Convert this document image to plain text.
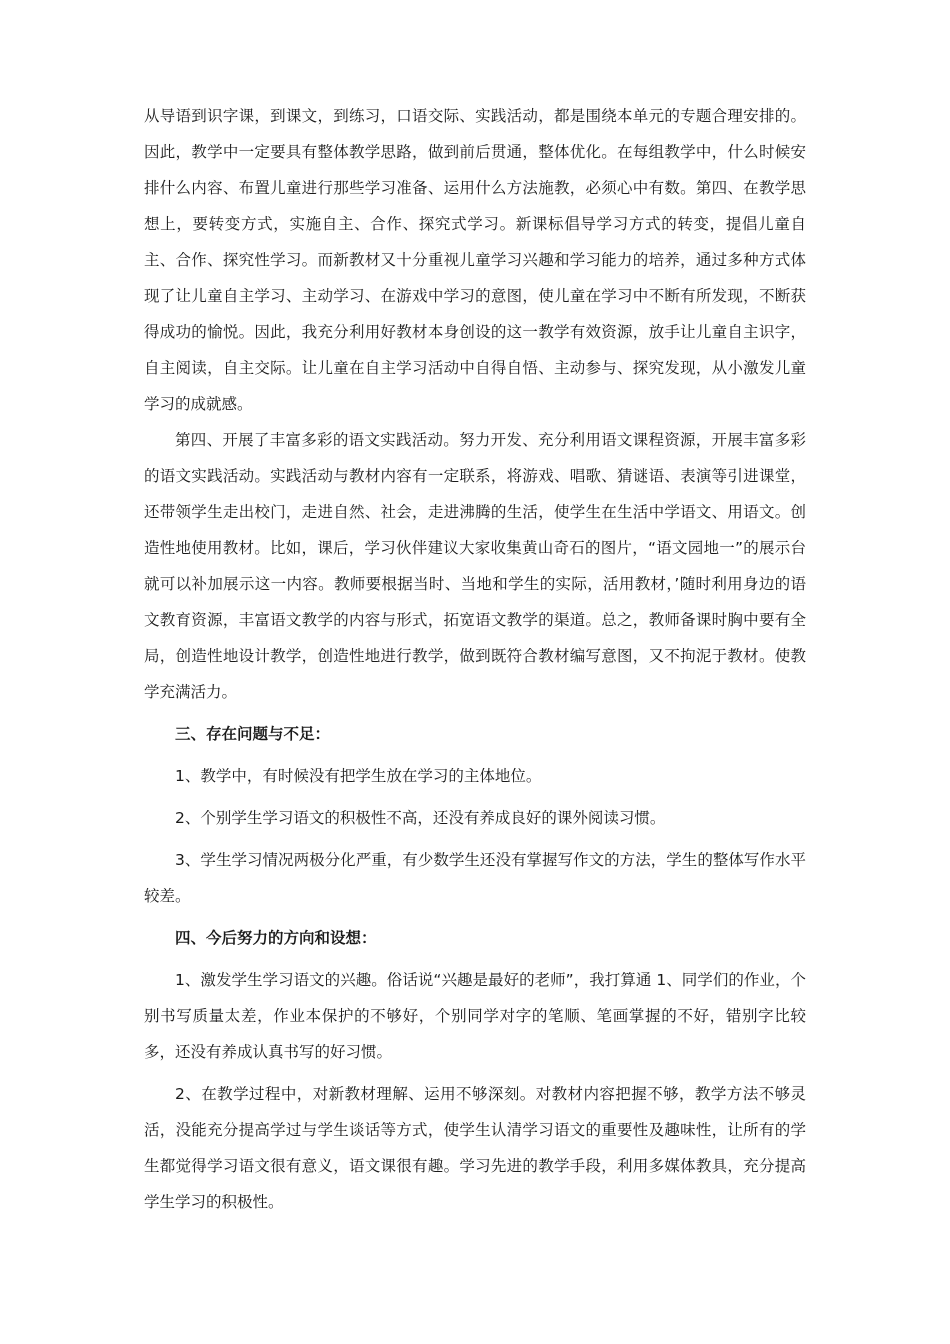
从导语到识字课，到课文，到练习，口语交际、实践活动，都是围绕本单元的专题合理安排的。因此，教学中一定要具有整体教学思路，做到前后贯通，整体优化。在每组教学中，什么时候安排什么内容、布置儿童进行那些学习准备、运用什么方法施教，必须心中有数。第四、在教学思想上，要转变方式，实施自主、合作、探究式学习。新课标倡导学习方式的转变，提倡儿童自主、合作、探究性学习。而新教材又十分重视儿童学习兴趣和学习能力的培养，通过多种方式体现了让儿童自主学习、主动学习、在游戏中学习的意图，使儿童在学习中不断有所发现，不断获得成功的愉悦。因此，我充分利用好教材本身创设的这一教学有效资源，放手让儿童自主识字，自主阅读，自主交际。让儿童在自主学习活动中自得自悟、主动参与、探究发现，从小激发儿童学习的成就感。

第四、开展了丰富多彩的语文实践活动。努力开发、充分利用语文课程资源，开展丰富多彩的语文实践活动。实践活动与教材内容有一定联系，将游戏、唱歌、猜谜语、表演等引进课堂，还带领学生走出校门，走进自然、社会，走进沸腾的生活，使学生在生活中学语文、用语文。创造性地使用教材。比如，课后，学习伙伴建议大家收集黄山奇石的图片，“语文园地一”的展示台就可以补加展示这一内容。教师要根据当时、当地和学生的实际，活用教材，’随时利用身边的语文教育资源，丰富语文教学的内容与形式，拓宽语文教学的渠道。总之，教师备课时胸中要有全局，创造性地设计教学，创造性地进行教学，做到既符合教材编写意图，又不拘泥于教材。使教学充满活力。

三、存在问题与不足：

1、教学中，有时候没有把学生放在学习的主体地位。

2、个别学生学习语文的积极性不高，还没有养成良好的课外阅读习惯。

3、学生学习情况两极分化严重，有少数学生还没有掌握写作文的方法，学生的整体写作水平较差。

四、今后努力的方向和设想：

1、激发学生学习语文的兴趣。俗话说“兴趣是最好的老师”，我打算通 1、同学们的作业，个别书写质量太差，作业本保护的不够好，个别同学对字的笔顺、笔画掌握的不好，错别字比较多，还没有养成认真书写的好习惯。

2、在教学过程中，对新教材理解、运用不够深刻。对教材内容把握不够，教学方法不够灵活，没能充分提高学过与学生谈话等方式，使学生认清学习语文的重要性及趣味性，让所有的学生都觉得学习语文很有意义，语文课很有趣。学习先进的教学手段，利用多媒体教具，充分提高学生学习的积极性。
